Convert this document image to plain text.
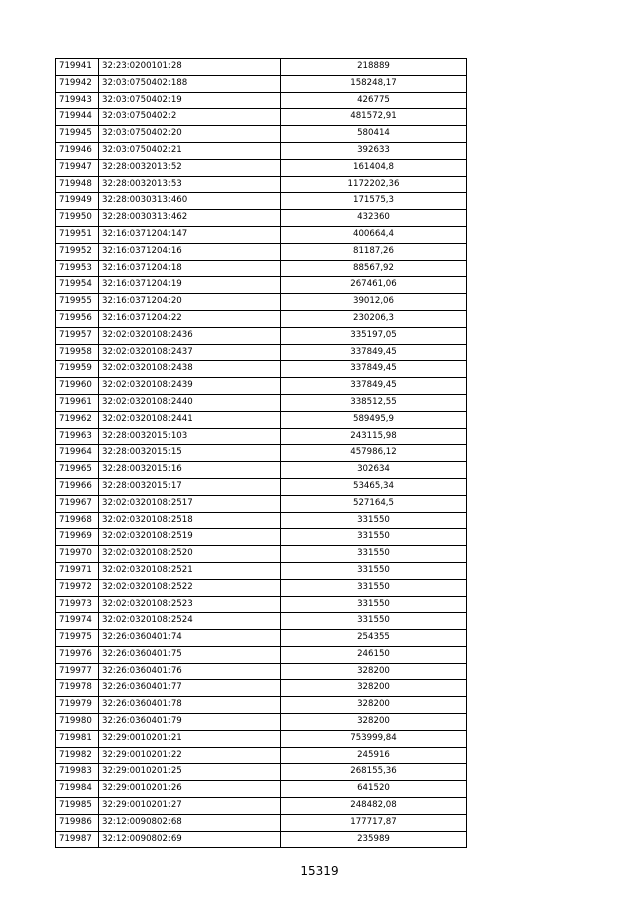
719941	32:23:0200101:28	218889
719942	32:03:0750402:188	158248,17
719943	32:03:0750402:19	426775
719944	32:03:0750402:2	481572,91
719945	32:03:0750402:20	580414
719946	32:03:0750402:21	392633
719947	32:28:0032013:52	161404,8
719948	32:28:0032013:53	1172202,36
719949	32:28:0030313:460	171575,3
719950	32:28:0030313:462	432360
719951	32:16:0371204:147	400664,4
719952	32:16:0371204:16	81187,26
719953	32:16:0371204:18	88567,92
719954	32:16:0371204:19	267461,06
719955	32:16:0371204:20	39012,06
719956	32:16:0371204:22	230206,3
719957	32:02:0320108:2436	335197,05
719958	32:02:0320108:2437	337849,45
719959	32:02:0320108:2438	337849,45
719960	32:02:0320108:2439	337849,45
719961	32:02:0320108:2440	338512,55
719962	32:02:0320108:2441	589495,9
719963	32:28:0032015:103	243115,98
719964	32:28:0032015:15	457986,12
719965	32:28:0032015:16	302634
719966	32:28:0032015:17	53465,34
719967	32:02:0320108:2517	527164,5
719968	32:02:0320108:2518	331550
719969	32:02:0320108:2519	331550
719970	32:02:0320108:2520	331550
719971	32:02:0320108:2521	331550
719972	32:02:0320108:2522	331550
719973	32:02:0320108:2523	331550
719974	32:02:0320108:2524	331550
719975	32:26:0360401:74	254355
719976	32:26:0360401:75	246150
719977	32:26:0360401:76	328200
719978	32:26:0360401:77	328200
719979	32:26:0360401:78	328200
719980	32:26:0360401:79	328200
719981	32:29:0010201:21	753999,84
719982	32:29:0010201:22	245916
719983	32:29:0010201:25	268155,36
719984	32:29:0010201:26	641520
719985	32:29:0010201:27	248482,08
719986	32:12:0090802:68	177717,87
719987	32:12:0090802:69	235989
15319
